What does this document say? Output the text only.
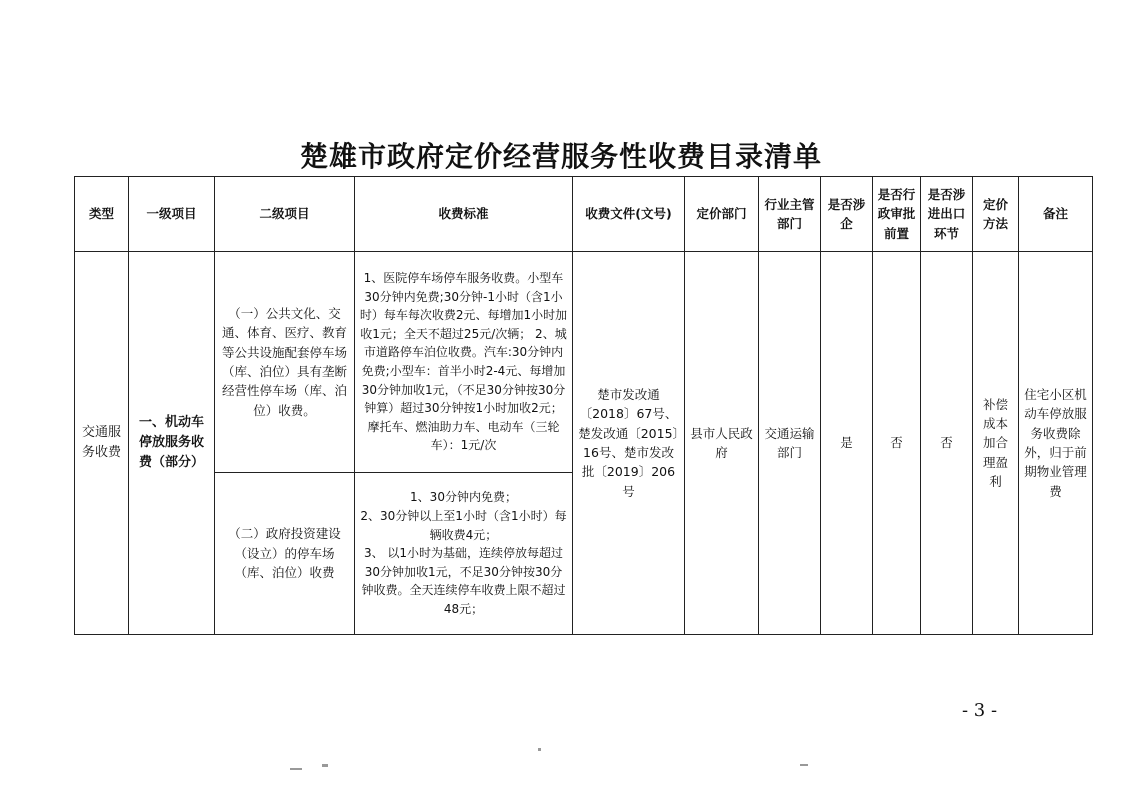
楚雄市政府定价经营服务性收费目录清单
类型	一级项目	二级项目	收费标准	收费文件(文号)	定价部门	行业主管部门	是否涉企	是否行政审批前置	是否涉进出口环节	定价方法	备注
交通服务收费	一、机动车停放服务收费（部分）	（一）公共文化、交通、体育、医疗、教育等公共设施配套停车场（库、泊位）具有垄断经营性停车场（库、泊位）收费。	1、医院停车场停车服务收费。小型车30分钟内免费;30分钟-1小时（含1小时）每车每次收费2元、每增加1小时加收1元；全天不超过25元/次辆； 2、城市道路停车泊位收费。汽车:30分钟内免费;小型车：首半小时2-4元、每增加30分钟加收1元，（不足30分钟按30分钟算）超过30分钟按1小时加收2元；摩托车、燃油助力车、电动车（三轮车）：1元/次	楚市发改通〔2018〕67号、楚发改通〔2015〕16号、楚市发改批〔2019〕206号	县市人民政府	交通运输部门	是	否	否	补偿成本加合理盈利	住宅小区机动车停放服务收费除外，归于前期物业管理费
		（二）政府投资建设（设立）的停车场（库、泊位）收费	1、30分钟内免费；
2、30分钟以上至1小时（含1小时）每辆收费4元；
3、 以1小时为基础，连续停放每超过30分钟加收1元，不足30分钟按30分钟收费。全天连续停车收费上限不超过48元；								
- 3 -
